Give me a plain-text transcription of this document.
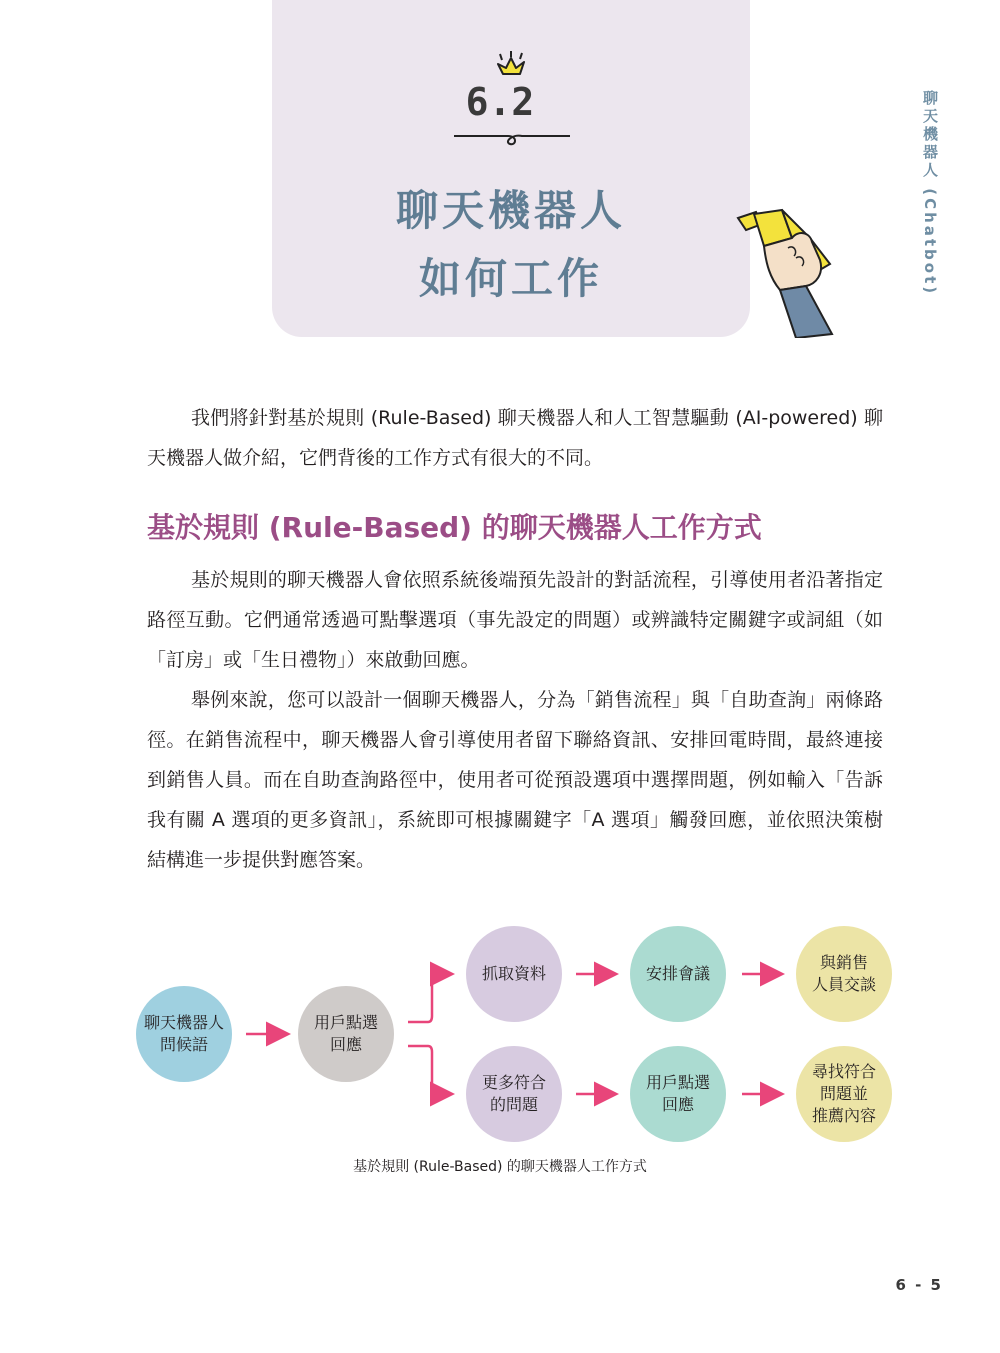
6.2
聊天機器人
如何工作	聊天機器人 (Chatbot)

我們將針對基於規則 (Rule-Based) 聊天機器人和人工智慧驅動 (AI-powered) 聊天機器人做介紹，它們背後的工作方式有很大的不同。

基於規則 (Rule-Based) 的聊天機器人工作方式

基於規則的聊天機器人會依照系統後端預先設計的對話流程，引導使用者沿著指定路徑互動。它們通常透過可點擊選項（事先設定的問題）或辨識特定關鍵字或詞組（如「訂房」或「生日禮物」）來啟動回應。

舉例來說，您可以設計一個聊天機器人，分為「銷售流程」與「自助查詢」兩條路徑。在銷售流程中，聊天機器人會引導使用者留下聯絡資訊、安排回電時間，最終連接到銷售人員。而在自助查詢路徑中，使用者可從預設選項中選擇問題，例如輸入「告訴我有關 A 選項的更多資訊」，系統即可根據關鍵字「A 選項」觸發回應，並依照決策樹結構進一步提供對應答案。

聊天機器人
問候語
用戶點選
回應
抓取資料	安排會議
與銷售
人員交談
更多符合
的問題
用戶點選
回應
尋找符合
問題並
推薦內容
基於規則 (Rule-Based) 的聊天機器人工作方式
6 - 5
